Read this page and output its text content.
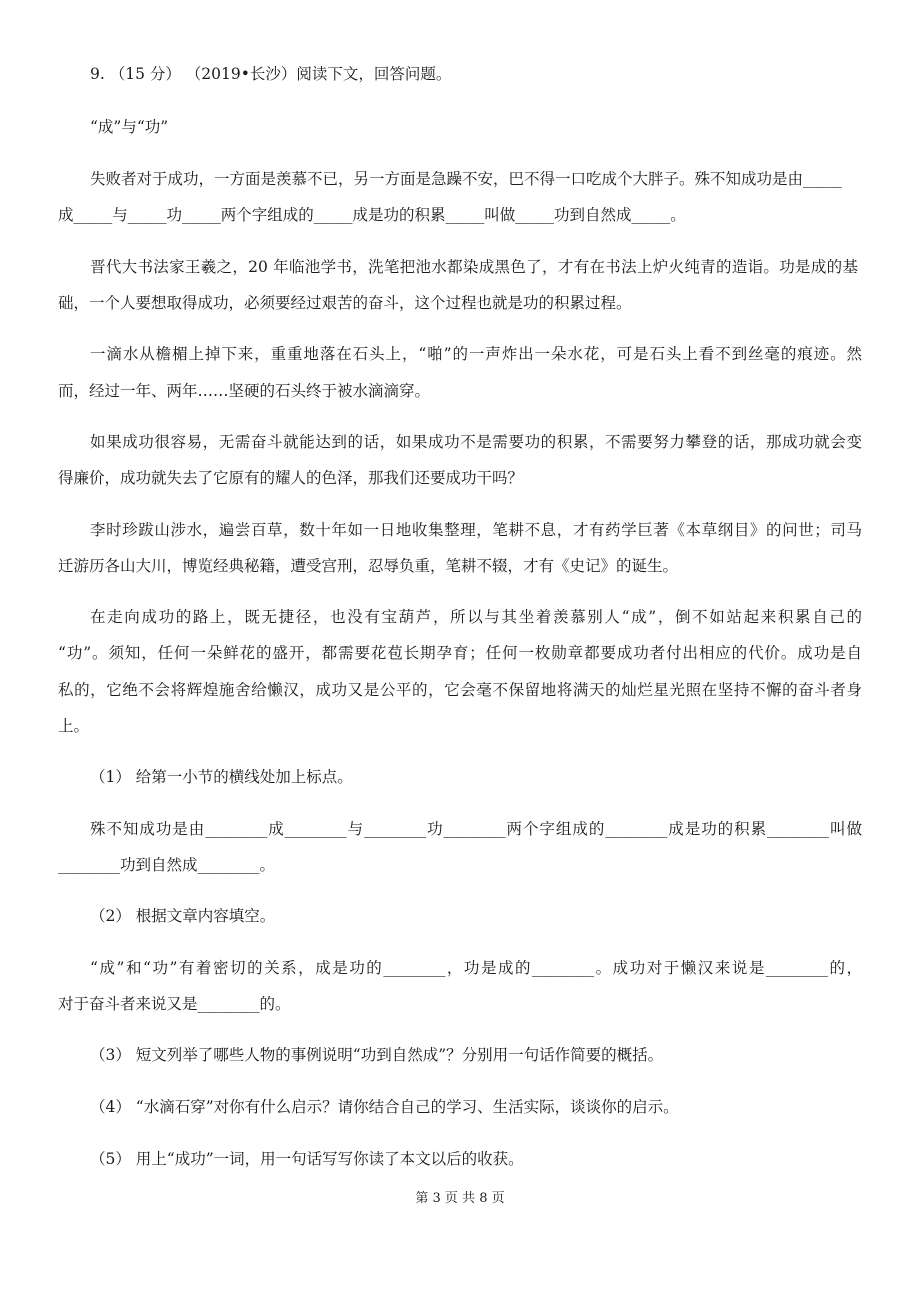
9. （15 分） （2019•长沙）阅读下文，回答问题。

“成”与“功”

失败者对于成功，一方面是羡慕不已，另一方面是急躁不安，巴不得一口吃成个大胖子。殊不知成功是由_____

成_____与_____功_____两个字组成的_____成是功的积累_____叫做_____功到自然成_____。

晋代大书法家王羲之，20 年临池学书，洗笔把池水都染成黑色了，才有在书法上炉火纯青的造诣。功是成的基

础，一个人要想取得成功，必须要经过艰苦的奋斗，这个过程也就是功的积累过程。

一滴水从檐楣上掉下来，重重地落在石头上，“啪”的一声炸出一朵水花，可是石头上看不到丝毫的痕迹。然

而，经过一年、两年……坚硬的石头终于被水滴滴穿。

如果成功很容易，无需奋斗就能达到的话，如果成功不是需要功的积累，不需要努力攀登的话，那成功就会变

得廉价，成功就失去了它原有的耀人的色泽，那我们还要成功干吗？

李时珍跋山涉水，遍尝百草，数十年如一日地收集整理，笔耕不息，才有药学巨著《本草纲目》的问世；司马

迁游历各山大川，博览经典秘籍，遭受宫刑，忍辱负重，笔耕不辍，才有《史记》的诞生。

在走向成功的路上，既无捷径，也没有宝葫芦，所以与其坐着羡慕别人“成”，倒不如站起来积累自己的

“功”。须知，任何一朵鲜花的盛开，都需要花苞长期孕育；任何一枚勋章都要成功者付出相应的代价。成功是自

私的，它绝不会将辉煌施舍给懒汉，成功又是公平的，它会毫不保留地将满天的灿烂星光照在坚持不懈的奋斗者身

上。

（1） 给第一小节的横线处加上标点。

殊不知成功是由________成________与________功________两个字组成的________成是功的积累________叫做

________功到自然成________。

（2） 根据文章内容填空。

“成”和“功”有着密切的关系，成是功的________，功是成的________。成功对于懒汉来说是________的，

对于奋斗者来说又是________的。

（3） 短文列举了哪些人物的事例说明“功到自然成”？分别用一句话作简要的概括。

（4） “水滴石穿”对你有什么启示？请你结合自己的学习、生活实际，谈谈你的启示。

（5） 用上“成功”一词，用一句话写写你读了本文以后的收获。

第 3 页 共 8 页
